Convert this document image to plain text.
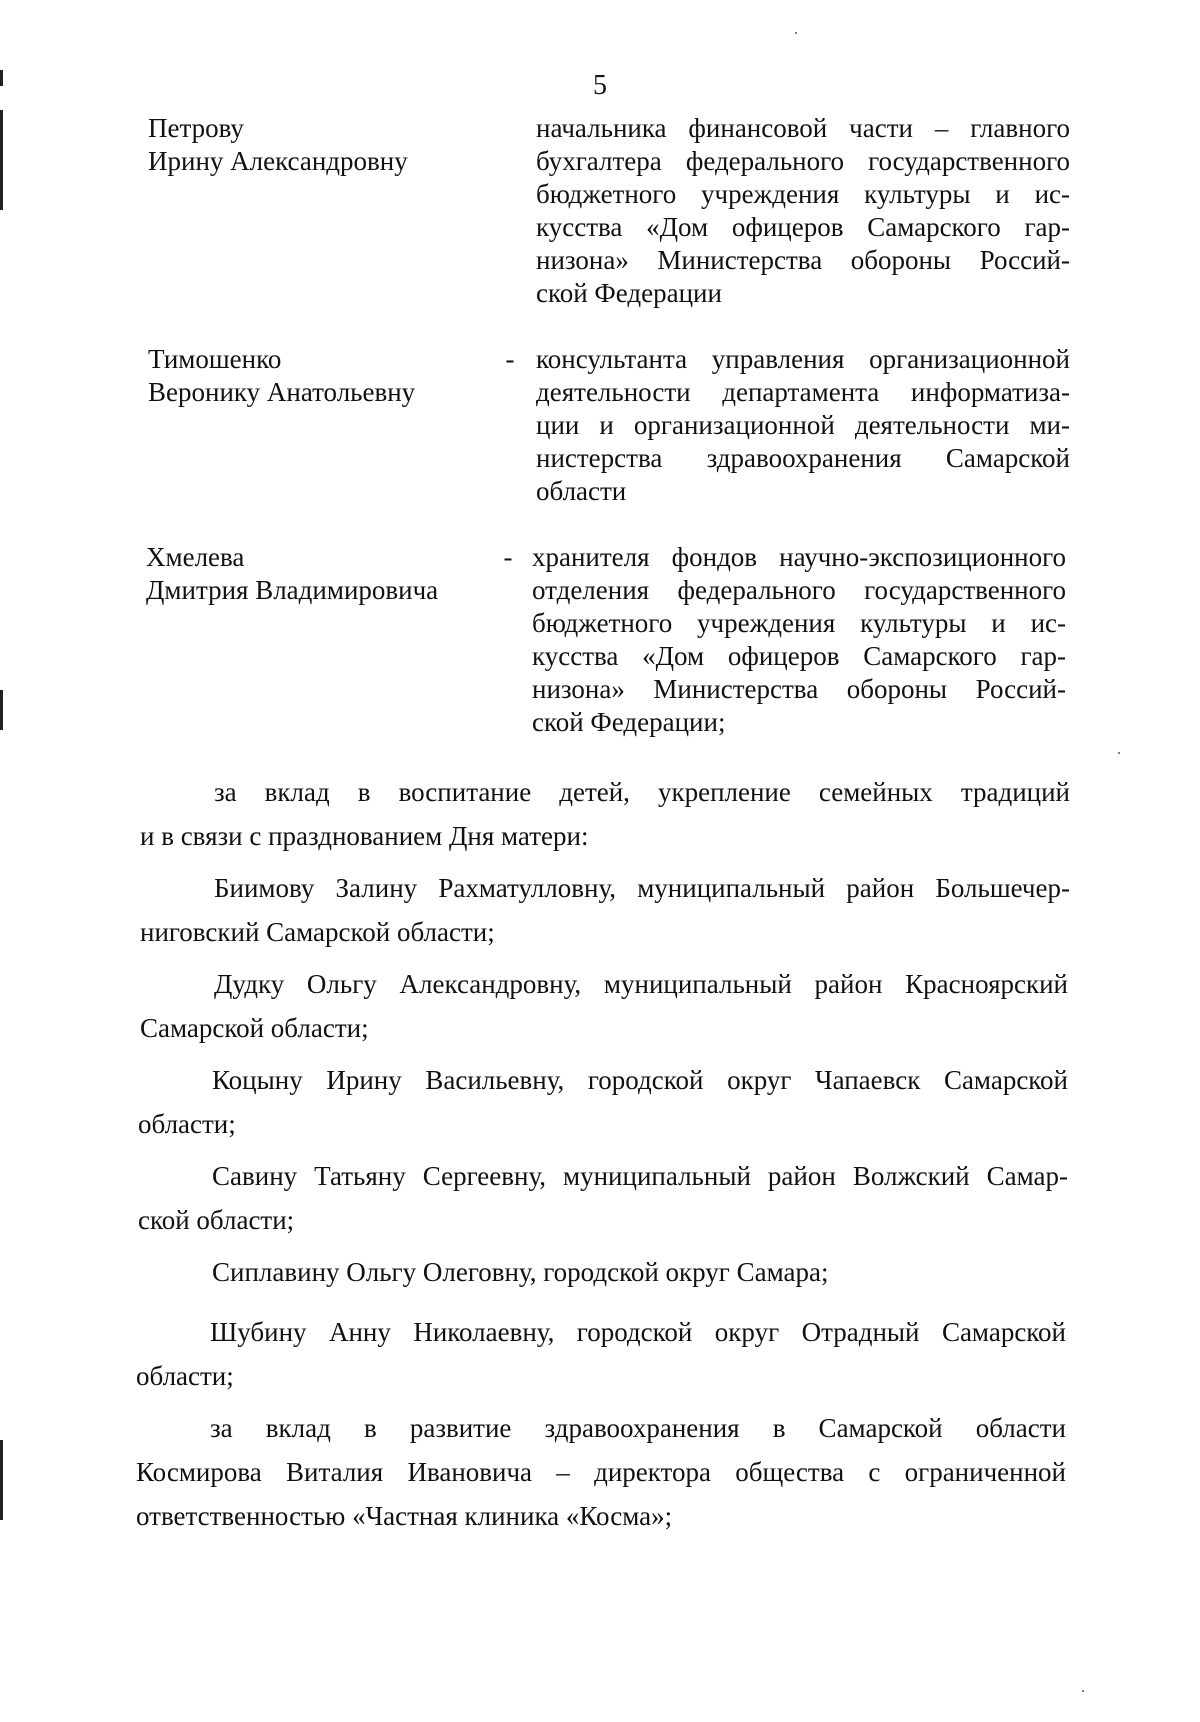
5
Петрову
Ирину Александровну
начальника финансовой части – главного
бухгалтера федерального государственного
бюджетного учреждения культуры и ис-
кусства «Дом офицеров Самарского гар-
низона» Министерства обороны Россий-
ской Федерации
Тимошенко
Веронику Анатольевну
- консультанта управления организационной
деятельности департамента информатиза-
ции и организационной деятельности ми-
нистерства здравоохранения Самарской
области
Хмелева
Дмитрия Владимировича
- хранителя фондов научно-экспозиционного
отделения федерального государственного
бюджетного учреждения культуры и ис-
кусства «Дом офицеров Самарского гар-
низона» Министерства обороны Россий-
ской Федерации;
за вклад в воспитание детей, укрепление семейных традиций
и в связи с празднованием Дня матери:
Биимову Залину Рахматулловну, муниципальный район Большечер-
ниговский Самарской области;
Дудку Ольгу Александровну, муниципальный район Красноярский
Самарской области;
Коцыну Ирину Васильевну, городской округ Чапаевск Самарской
области;
Савину Татьяну Сергеевну, муниципальный район Волжский Самар-
ской области;
Сиплавину Ольгу Олеговну, городской округ Самара;
Шубину Анну Николаевну, городской округ Отрадный Самарской
области;
за вклад в развитие здравоохранения в Самарской области
Космирова Виталия Ивановича – директора общества с ограниченной
ответственностью «Частная клиника «Косма»;
